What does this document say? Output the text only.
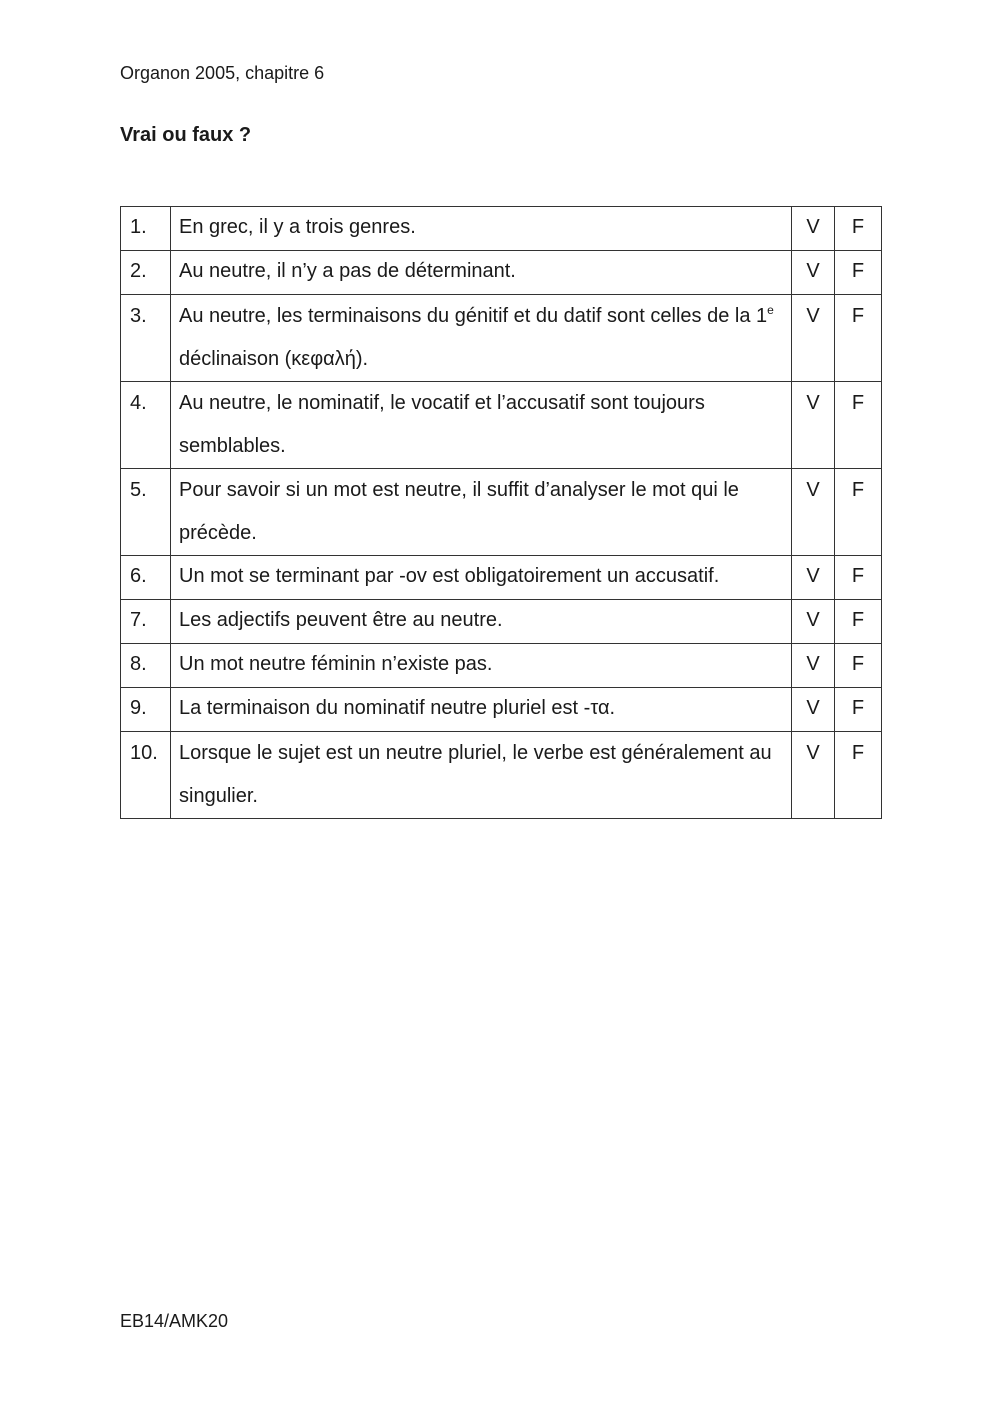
Organon 2005, chapitre 6
Vrai ou faux ?
1.	En grec, il y a trois genres.	V	F
2.	Au neutre, il n’y a pas de déterminant.	V	F
3.	Au neutre, les terminaisons du génitif et du datif sont celles de la 1e déclinaison (κεφαλή).	V	F
4.	Au neutre, le nominatif, le vocatif et l’accusatif sont toujours semblables.	V	F
5.	Pour savoir si un mot est neutre, il suffit d’analyser le mot qui le précède.	V	F
6.	Un mot se terminant par -ov est obligatoirement un accusatif.	V	F
7.	Les adjectifs peuvent être au neutre.	V	F
8.	Un mot neutre féminin n’existe pas.	V	F
9.	La terminaison du nominatif neutre pluriel est -τα.	V	F
10.	Lorsque le sujet est un neutre pluriel, le verbe est généralement au singulier.	V	F
EB14/AMK20
